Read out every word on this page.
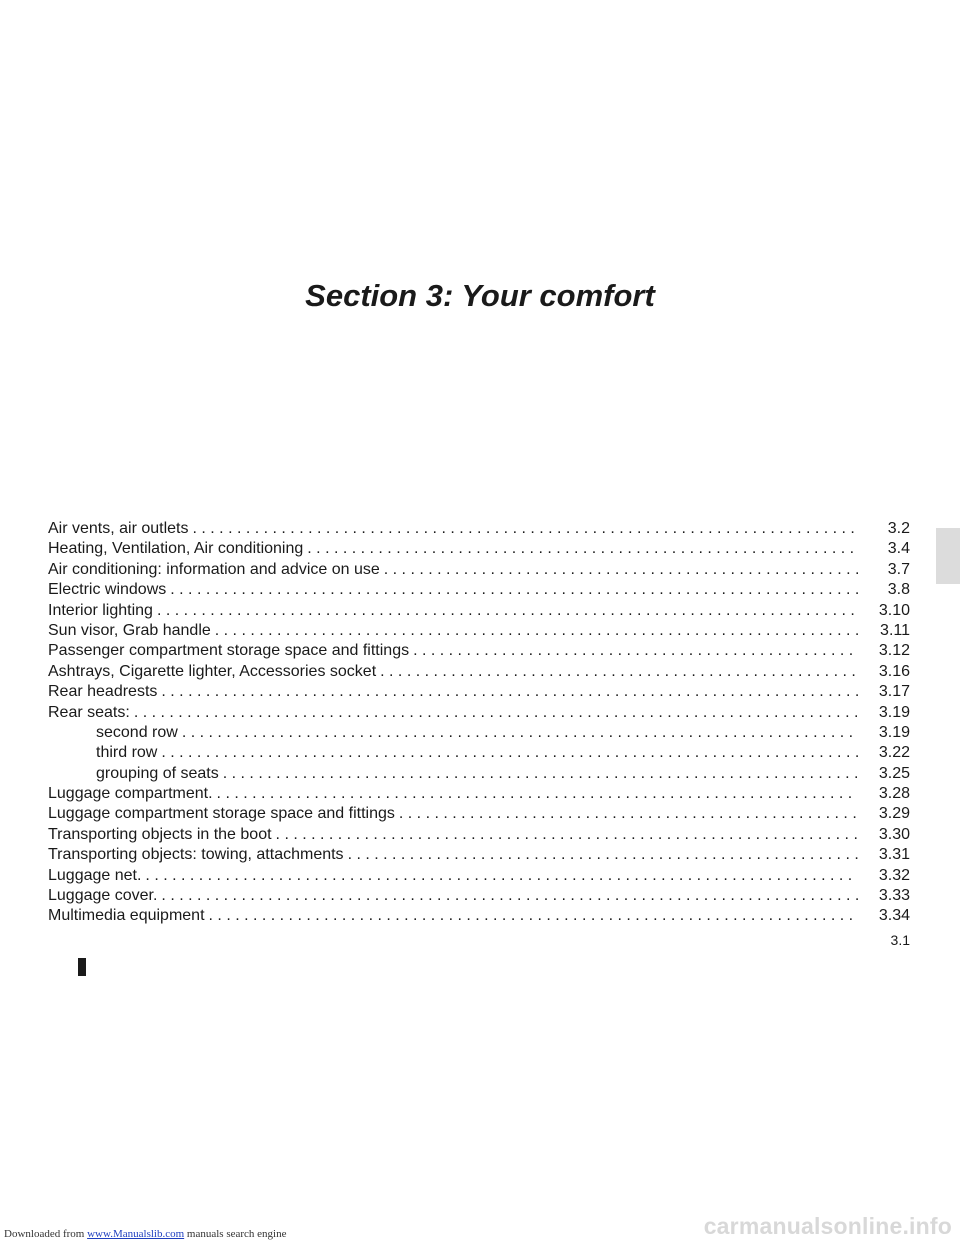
Section 3: Your comfort
Air vents, air outlets . . .	3.2
Heating, Ventilation, Air conditioning . . .	3.4
Air conditioning: information and advice on use . . .	3.7
Electric windows . . .	3.8
Interior lighting . . .	3.10
Sun visor, Grab handle . . .	3.11
Passenger compartment storage space and fittings . . .	3.12
Ashtrays, Cigarette lighter, Accessories socket . . .	3.16
Rear headrests . . .	3.17
Rear seats: . . .	3.19
second row . . .	3.19
third row . . .	3.22
grouping of seats . . .	3.25
Luggage compartment. . . .	3.28
Luggage compartment storage space and fittings . . .	3.29
Transporting objects in the boot . . .	3.30
Transporting objects: towing, attachments . . .	3.31
Luggage net. . . .	3.32
Luggage cover. . . .	3.33
Multimedia equipment . . .	3.34
3.1
Downloaded from www.Manualslib.com manuals search engine	carmanualsonline.info
